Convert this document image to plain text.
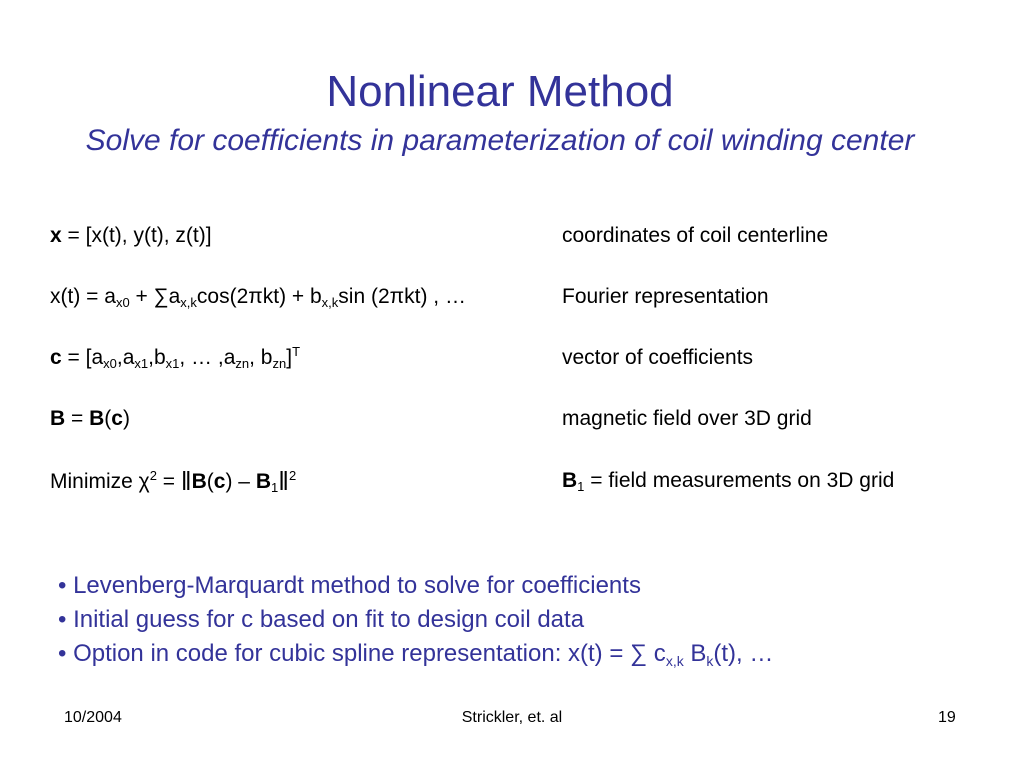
Nonlinear Method
Solve for coefficients in parameterization of coil winding center
x = [x(t), y(t), z(t)]	coordinates of coil centerline
$x(t) = a_{x0} + \sum a_{x,k}\cos(2\pi kt) + b_{x,k}\sin$ (2πkt) , …	Fourier representation
$c = [a_{x0},a_{x1},b_{x1}$, … $,a_{zn}$, $b_{zn}]^T$	vector of coefficients
B = B(c)	magnetic field over 3D grid
Minimize $\chi^2$ = ‖B(c) – $B_1‖^2$	$B_1$ = field measurements on 3D grid
• Levenberg-Marquardt method to solve for coefficients
• Initial guess for c based on fit to design coil data
• Option in code for cubic spline representation: x(t) = ∑ $c_{x,k}$ $B_k(t)$, …
10/2004	Strickler, et. al	19
